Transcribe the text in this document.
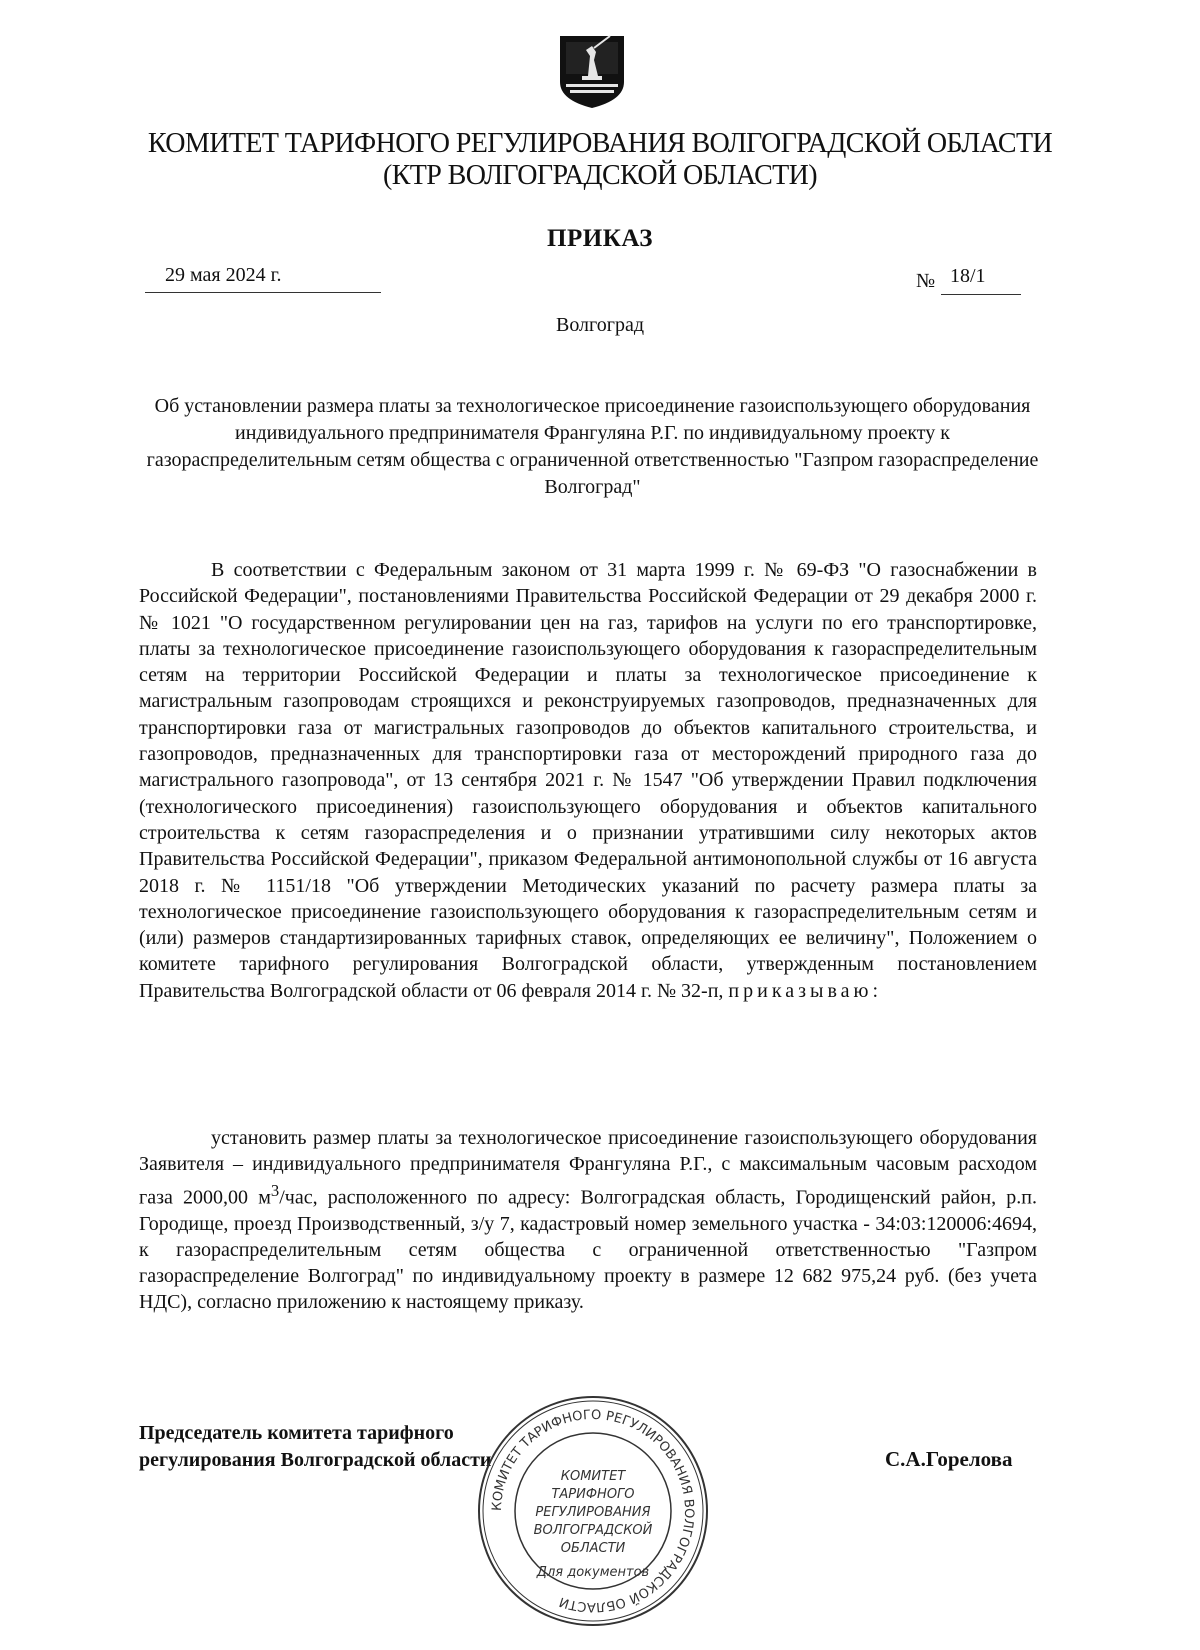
КОМИТЕТ ТАРИФНОГО РЕГУЛИРОВАНИЯ ВОЛГОГРАДСКОЙ ОБЛАСТИ
(КТР ВОЛГОГРАДСКОЙ ОБЛАСТИ)
ПРИКАЗ
29 мая 2024 г.	№ 18/1
Волгоград
Об установлении размера платы за технологическое присоединение газоиспользующего оборудования индивидуального предпринимателя Франгуляна Р.Г. по индивидуальному проекту к газораспределительным сетям общества с ограниченной ответственностью "Газпром газораспределение Волгоград"
В соответствии с Федеральным законом от 31 марта 1999 г. № 69-ФЗ "О газоснабжении в Российской Федерации", постановлениями Правительства Российской Федерации от 29 декабря 2000 г. № 1021 "О государственном регулировании цен на газ, тарифов на услуги по его транспортировке, платы за технологическое присоединение газоиспользующего оборудования к газораспределительным сетям на территории Российской Федерации и платы за технологическое присоединение к магистральным газопроводам строящихся и реконструируемых газопроводов, предназначенных для транспортировки газа от магистральных газопроводов до объектов капитального строительства, и газопроводов, предназначенных для транспортировки газа от месторождений природного газа до магистрального газопровода", от 13 сентября 2021 г. № 1547 "Об утверждении Правил подключения (технологического присоединения) газоиспользующего оборудования и объектов капитального строительства к сетям газораспределения и о признании утратившими силу некоторых актов Правительства Российской Федерации", приказом Федеральной антимонопольной службы от 16 августа 2018 г. № 1151/18 "Об утверждении Методических указаний по расчету размера платы за технологическое присоединение газоиспользующего оборудования к газораспределительным сетям и (или) размеров стандартизированных тарифных ставок, определяющих ее величину", Положением о комитете тарифного регулирования Волгоградской области, утвержденным постановлением Правительства Волгоградской области от 06 февраля 2014 г. № 32-п, приказываю:
установить размер платы за технологическое присоединение газоиспользующего оборудования Заявителя – индивидуального предпринимателя Франгуляна Р.Г., с максимальным часовым расходом газа 2000,00 $м^3$/час, расположенного по адресу: Волгоградская область, Городищенский район, р.п. Городище, проезд Производственный, з/у 7, кадастровый номер земельного участка - 34:03:120006:4694, к газораспределительным сетям общества с ограниченной ответственностью "Газпром газораспределение Волгоград" по индивидуальному проекту в размере 12 682 975,24 руб. (без учета НДС), согласно приложению к настоящему приказу.
Председатель комитета тарифного
регулирования Волгоградской области	С.А.Горелова
КОМИТЕТ ТАРИФНОГО РЕГУЛИРОВАНИЯ ВОЛГОГРАДСКОЙ ОБЛАСТИ
КОМИТЕТ
ТАРИФНОГО
РЕГУЛИРОВАНИЯ
ВОЛГОГРАДСКОЙ
ОБЛАСТИ
Для документов
